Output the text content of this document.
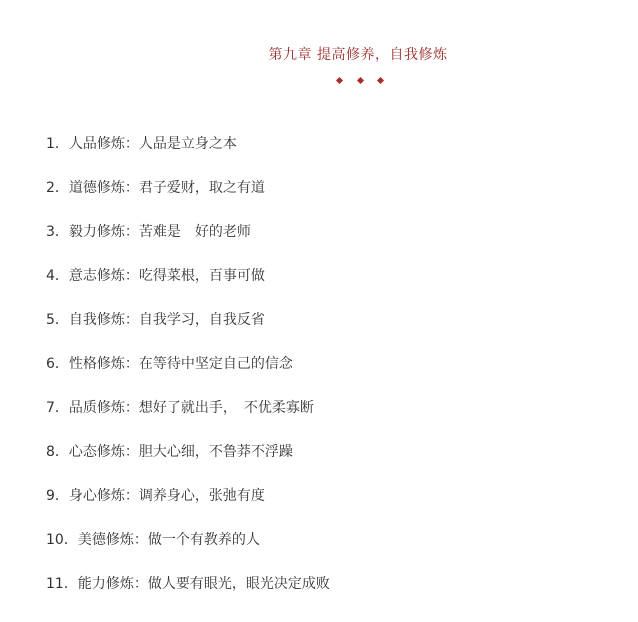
第九章 提高修养，自我修炼
1．人品修炼：人品是立身之本
2．道德修炼：君子爱财，取之有道
3．毅力修炼：苦难是　好的老师
4．意志修炼：吃得菜根，百事可做
5．自我修炼：自我学习，自我反省
6．性格修炼：在等待中坚定自己的信念
7．品质修炼：想好了就出手，　不优柔寡断
8．心态修炼：胆大心细，不鲁莽不浮躁
9．身心修炼：调养身心，张弛有度
10．美德修炼：做一个有教养的人
11．能力修炼：做人要有眼光，眼光决定成败
